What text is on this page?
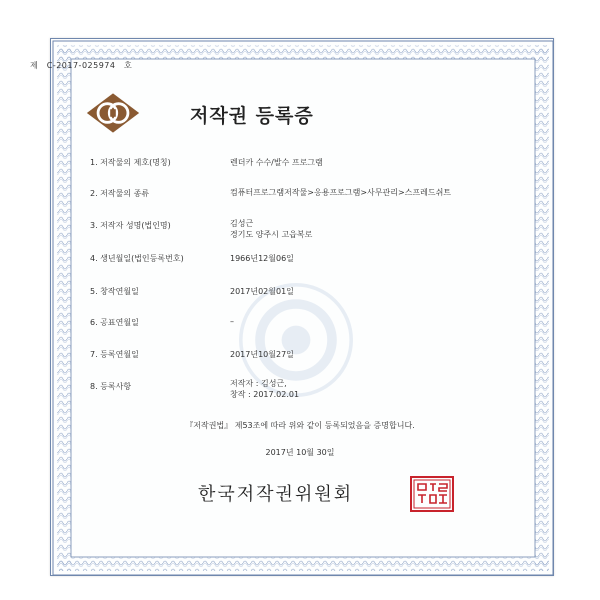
제　C-2017-025974　호
저작권 등록증
1. 저작물의 제호(명칭)	렌더카 수수/발수 프로그램
2. 저작물의 종류	컴퓨터프로그램저작물>응용프로그램>사무관리>스프레드쉬트
3. 저작자 성명(법인명)	김성근
경기도 양주시 고읍복로
4. 생년월일(법인등록번호)	1966년12월06일
5. 창작연월일	2017년02월01일
6. 공표연월일	–
7. 등록연월일	2017년10월27일
8. 등록사항	저작자 : 김성근,
창작 : 2017.02.01
『저작권법』 제53조에 따라 위와 같이 등록되었음을 증명합니다.
2017년 10월 30일
한국저작권위원회
